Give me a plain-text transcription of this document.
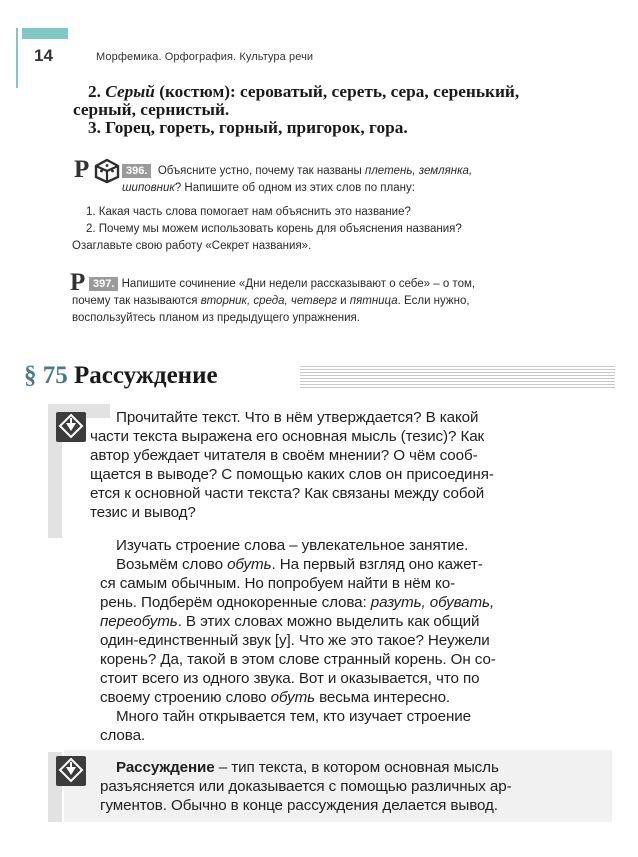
14	Морфемика. Орфография. Культура речи
2. Серый (костюм): сероватый, сереть, сера, серенький,
серный, сернистый.
3. Горец, гореть, горный, пригорок, гора.
Р	396. Объясните устно, почему так названы плетень, землянка,
шиповник? Напишите об одном из этих слов по плану:
1. Какая часть слова помогает нам объяснить это название?
2. Почему мы можем использовать корень для объяснения названия?
Озаглавьте свою работу «Секрет названия».
Р 397. Напишите сочинение «Дни недели рассказывают о себе» – о том,
почему так называются вторник, среда, четверг и пятница. Если нужно,
воспользуйтесь планом из предыдущего упражнения.
§ 75 Рассуждение
Прочитайте текст. Что в нём утверждается? В какой
части текста выражена его основная мысль (тезис)? Как
автор убеждает читателя в своём мнении? О чём сооб-
щается в выводе? С помощью каких слов он присоединя-
ется к основной части текста? Как связаны между собой
тезис и вывод?
Изучать строение слова – увлекательное занятие.
Возьмём слово обуть. На первый взгляд оно кажет-
ся самым обычным. Но попробуем найти в нём ко-
рень. Подберём однокоренные слова: разуть, обувать,
переобуть. В этих словах можно выделить как общий
один-единственный звук [у]. Что же это такое? Неужели
корень? Да, такой в этом слове странный корень. Он со-
стоит всего из одного звука. Вот и оказывается, что по
своему строению слово обуть весьма интересно.
Много тайн открывается тем, кто изучает строение
слова.
Рассуждение – тип текста, в котором основная мысль
разъясняется или доказывается с помощью различных ар-
гументов. Обычно в конце рассуждения делается вывод.
